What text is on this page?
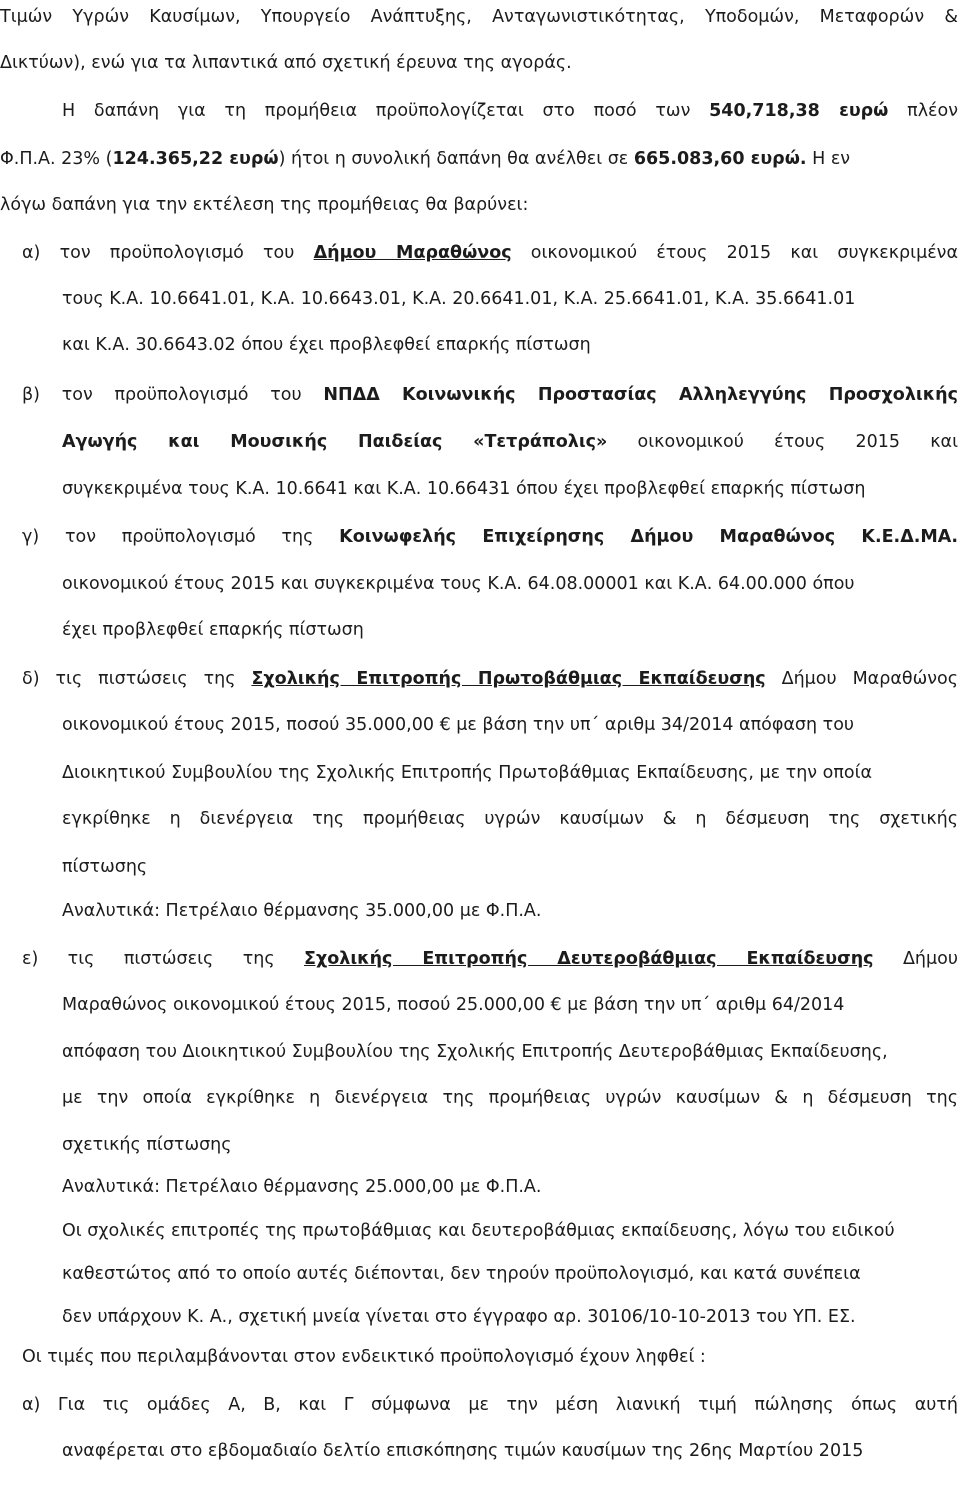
Τιμών Υγρών Καυσίμων, Υπουργείο Ανάπτυξης, Ανταγωνιστικότητας, Υποδομών, Μεταφορών &
Δικτύων), ενώ για τα λιπαντικά από σχετική έρευνα της αγοράς.
Η δαπάνη για τη προμήθεια προϋπολογίζεται στο ποσό των 540,718,38 ευρώ πλέον
Φ.Π.Α. 23% (124.365,22 ευρώ) ήτοι η συνολική δαπάνη θα ανέλθει σε 665.083,60 ευρώ. Η εν
λόγω δαπάνη για την εκτέλεση της προμήθειας θα βαρύνει:
α) τον προϋπολογισμό του Δήμου Μαραθώνος οικονομικού έτους 2015 και συγκεκριμένα
τους Κ.Α. 10.6641.01, Κ.Α. 10.6643.01, Κ.Α. 20.6641.01, Κ.Α. 25.6641.01, Κ.Α. 35.6641.01
και Κ.Α. 30.6643.02 όπου έχει προβλεφθεί επαρκής πίστωση
β) τον προϋπολογισμό του ΝΠΔΔ Κοινωνικής Προστασίας Αλληλεγγύης Προσχολικής
Αγωγής και Μουσικής Παιδείας «Τετράπολις» οικονομικού έτους 2015 και
συγκεκριμένα τους Κ.Α. 10.6641 και Κ.Α. 10.66431 όπου έχει προβλεφθεί επαρκής πίστωση
γ) τον προϋπολογισμό της Κοινωφελής Επιχείρησης Δήμου Μαραθώνος Κ.Ε.Δ.ΜΑ.
οικονομικού έτους 2015 και συγκεκριμένα τους Κ.Α. 64.08.00001 και Κ.Α. 64.00.000 όπου
έχει προβλεφθεί επαρκής πίστωση
δ) τις πιστώσεις της Σχολικής Επιτροπής Πρωτοβάθμιας Εκπαίδευσης Δήμου Μαραθώνος
οικονομικού έτους 2015, ποσού 35.000,00 € με βάση την υπ΄ αριθμ 34/2014 απόφαση του
Διοικητικού Συμβουλίου της Σχολικής Επιτροπής Πρωτοβάθμιας Εκπαίδευσης, με την οποία
εγκρίθηκε η διενέργεια της προμήθειας υγρών καυσίμων & η δέσμευση της σχετικής
πίστωσης
Αναλυτικά: Πετρέλαιο θέρμανσης 35.000,00 με Φ.Π.Α.
ε) τις πιστώσεις της Σχολικής Επιτροπής Δευτεροβάθμιας Εκπαίδευσης Δήμου
Μαραθώνος οικονομικού έτους 2015, ποσού 25.000,00 € με βάση την υπ΄ αριθμ 64/2014
απόφαση του Διοικητικού Συμβουλίου της Σχολικής Επιτροπής Δευτεροβάθμιας Εκπαίδευσης,
με την οποία εγκρίθηκε η διενέργεια της προμήθειας υγρών καυσίμων & η δέσμευση της
σχετικής πίστωσης
Αναλυτικά: Πετρέλαιο θέρμανσης 25.000,00 με Φ.Π.Α.
Οι σχολικές επιτροπές της πρωτοβάθμιας και δευτεροβάθμιας εκπαίδευσης, λόγω του ειδικού
καθεστώτος από το οποίο αυτές διέπονται, δεν τηρούν προϋπολογισμό, και κατά συνέπεια
δεν υπάρχουν Κ. Α., σχετική μνεία γίνεται στο έγγραφο αρ. 30106/10-10-2013 του ΥΠ. ΕΣ.
Οι τιμές που περιλαμβάνονται στον ενδεικτικό προϋπολογισμό έχουν ληφθεί :
α) Για τις ομάδες Α, Β, και Γ σύμφωνα με την μέση λιανική τιμή πώλησης όπως αυτή
αναφέρεται στο εβδομαδιαίο δελτίο επισκόπησης τιμών καυσίμων της 26ης Μαρτίου 2015
